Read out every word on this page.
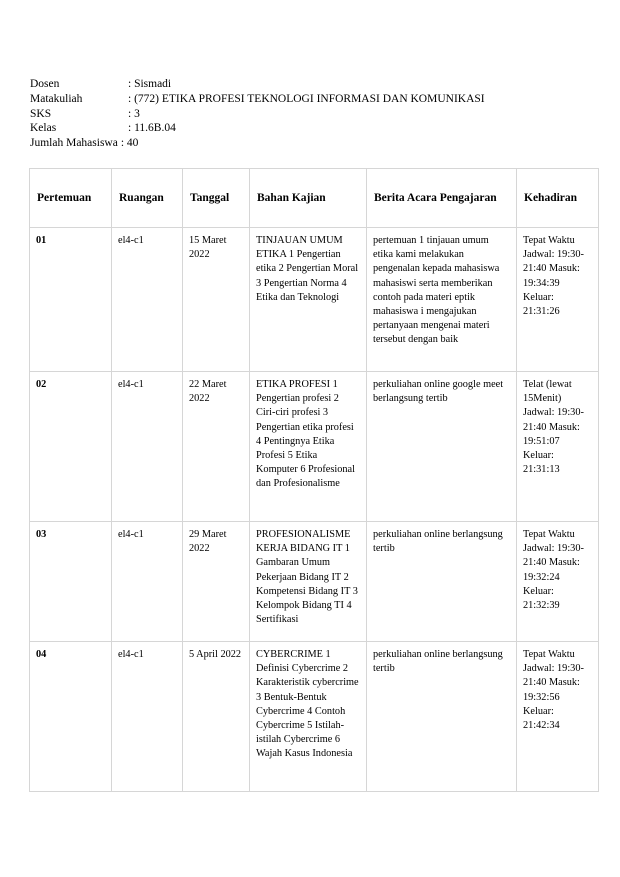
Dosen	: Sismadi
Matakuliah	: (772) ETIKA PROFESI TEKNOLOGI INFORMASI DAN KOMUNIKASI
SKS	: 3
Kelas	: 11.6B.04
Jumlah Mahasiswa : 40
Pertemuan	Ruangan	Tanggal	Bahan Kajian	Berita Acara Pengajaran	Kehadiran
01	el4-c1	15 Maret 2022	TINJAUAN UMUM ETIKA 1 Pengertian etika 2 Pengertian Moral 3 Pengertian Norma 4 Etika dan Teknologi	pertemuan 1 tinjauan umum etika kami melakukan pengenalan kepada mahasiswa mahasiswi serta memberikan contoh pada materi eptik mahasiswa i mengajukan pertanyaan mengenai materi tersebut dengan baik	Tepat Waktu Jadwal: 19:30-21:40 Masuk: 19:34:39 Keluar: 21:31:26
02	el4-c1	22 Maret 2022	ETIKA PROFESI 1 Pengertian profesi 2 Ciri-ciri profesi 3 Pengertian etika profesi 4 Pentingnya Etika Profesi 5 Etika Komputer 6 Profesional dan Profesionalisme	perkuliahan online google meet berlangsung tertib	Telat (lewat 15Menit) Jadwal: 19:30-21:40 Masuk: 19:51:07 Keluar: 21:31:13
03	el4-c1	29 Maret 2022	PROFESIONALISME KERJA BIDANG IT 1 Gambaran Umum Pekerjaan Bidang IT 2 Kompetensi Bidang IT 3 Kelompok Bidang TI 4 Sertifikasi	perkuliahan online berlangsung tertib	Tepat Waktu Jadwal: 19:30-21:40 Masuk: 19:32:24 Keluar: 21:32:39
04	el4-c1	5 April 2022	CYBERCRIME 1 Definisi Cybercrime 2 Karakteristik cybercrime 3 Bentuk-Bentuk Cybercrime 4 Contoh Cybercrime 5 Istilah-istilah Cybercrime 6 Wajah Kasus Indonesia	perkuliahan online berlangsung tertib	Tepat Waktu Jadwal: 19:30-21:40 Masuk: 19:32:56 Keluar: 21:42:34
